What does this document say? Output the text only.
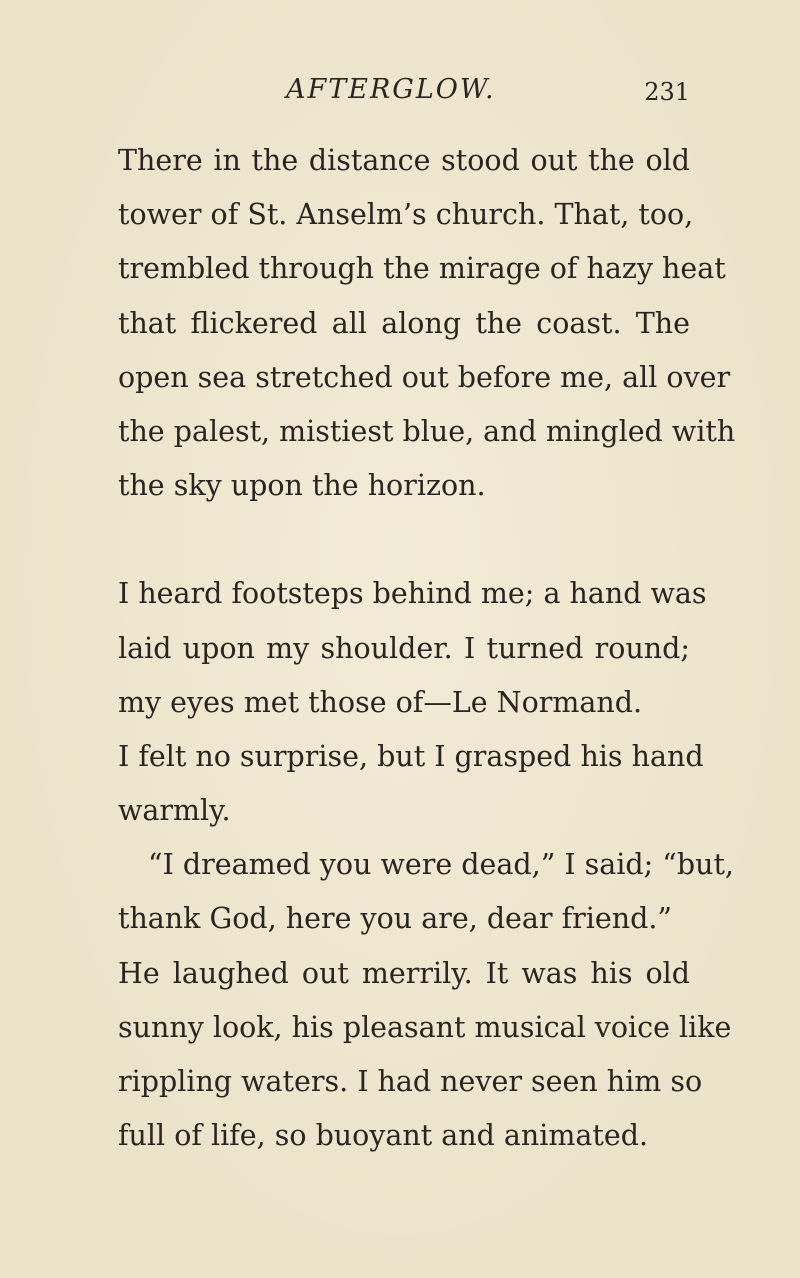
AFTERGLOW.	231
There in the distance stood out the old
tower of St. Anselm’s church. That, too,
trembled through the mirage of hazy heat
that flickered all along the coast. The
open sea stretched out before me, all over
the palest, mistiest blue, and mingled with
the sky upon the horizon.
I heard footsteps behind me; a hand was
laid upon my shoulder. I turned round;
my eyes met those of—Le Normand.
I felt no surprise, but I grasped his hand
warmly.
“I dreamed you were dead,” I said; “but,
thank God, here you are, dear friend.”
He laughed out merrily. It was his old
sunny look, his pleasant musical voice like
rippling waters. I had never seen him so
full of life, so buoyant and animated.
